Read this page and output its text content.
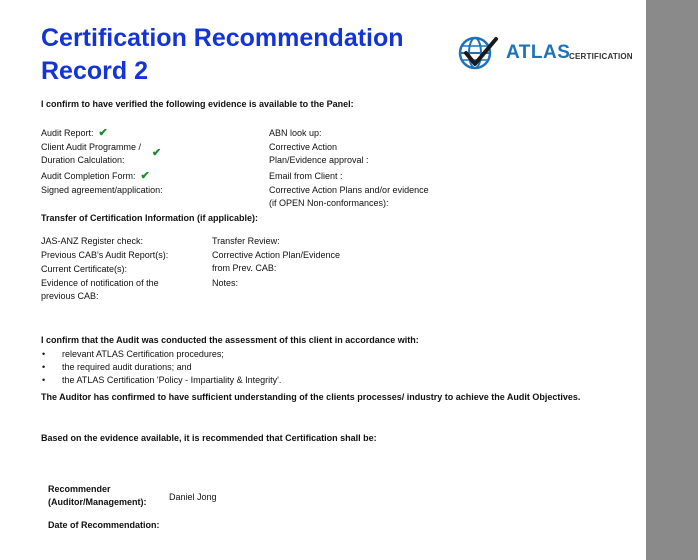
Certification Recommendation
Record 2
ATLAS
CERTIFICATION
I confirm to have verified the following evidence is available to the Panel:
Audit Report: ✔
Client Audit Programme /
Duration Calculation:
✔
Audit Completion Form: ✔
Signed agreement/application:
ABN look up:
Corrective Action
Plan/Evidence approval :
Email from Client :
Corrective Action Plans and/or evidence
(if OPEN Non-conformances):
Transfer of Certification Information (if applicable):
JAS-ANZ Register check:
Previous CAB's Audit Report(s):
Current Certificate(s):
Evidence of notification of the
previous CAB:
Transfer Review:
Corrective Action Plan/Evidence
from Prev. CAB:
Notes:
I confirm that the Audit was conducted the assessment of this client in accordance with:
• relevant ATLAS Certification procedures;
• the required audit durations; and
• the ATLAS Certification 'Policy - Impartiality & Integrity'.
The Auditor has confirmed to have sufficient understanding of the clients processes/ industry to achieve the Audit Objectives.
Based on the evidence available, it is recommended that Certification shall be:
Recommender
(Auditor/Management):	Daniel Jong
Date of Recommendation:
